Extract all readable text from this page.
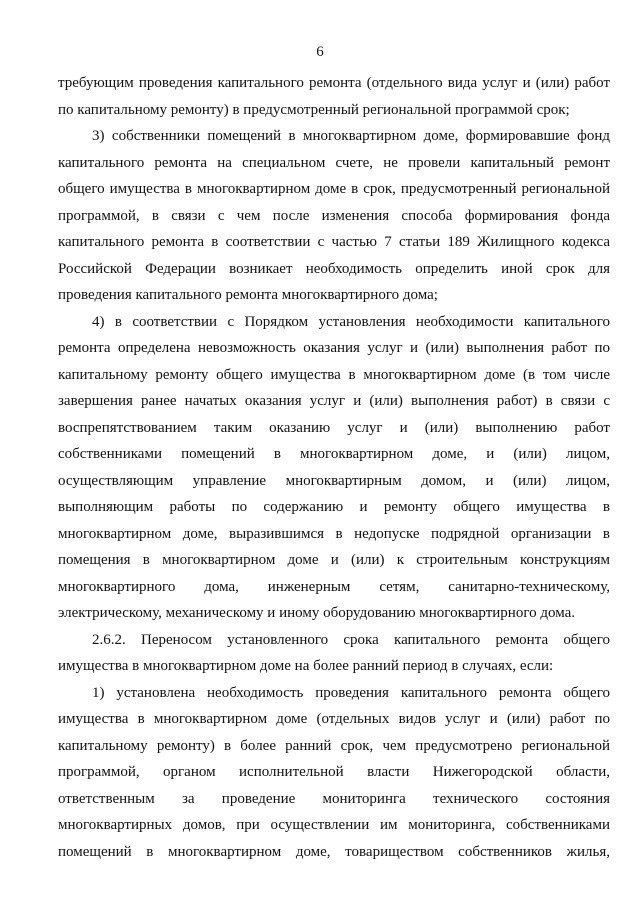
6
требующим проведения капитального ремонта (отдельного вида услуг и (или) работ
по капитальному ремонту) в предусмотренный региональной программой срок;
3) собственники помещений в многоквартирном доме, формировавшие фонд
капитального ремонта на специальном счете, не провели капитальный ремонт
общего имущества в многоквартирном доме в срок, предусмотренный региональной
программой, в связи с чем после изменения способа формирования фонда
капитального ремонта в соответствии с частью 7 статьи 189 Жилищного кодекса
Российской Федерации возникает необходимость определить иной срок для
проведения капитального ремонта многоквартирного дома;
4) в соответствии с Порядком установления необходимости капитального
ремонта определена невозможность оказания услуг и (или) выполнения работ по
капитальному ремонту общего имущества в многоквартирном доме (в том числе
завершения ранее начатых оказания услуг и (или) выполнения работ) в связи с
воспрепятствованием таким оказанию услуг и (или) выполнению работ
собственниками помещений в многоквартирном доме, и (или) лицом,
осуществляющим управление многоквартирным домом, и (или) лицом,
выполняющим работы по содержанию и ремонту общего имущества в
многоквартирном доме, выразившимся в недопуске подрядной организации в
помещения в многоквартирном доме и (или) к строительным конструкциям
многоквартирного дома, инженерным сетям, санитарно-техническому,
электрическому, механическому и иному оборудованию многоквартирного дома.
2.6.2. Переносом установленного срока капитального ремонта общего
имущества в многоквартирном доме на более ранний период в случаях, если:
1) установлена необходимость проведения капитального ремонта общего
имущества в многоквартирном доме (отдельных видов услуг и (или) работ по
капитальному ремонту) в более ранний срок, чем предусмотрено региональной
программой, органом исполнительной власти Нижегородской области,
ответственным за проведение мониторинга технического состояния
многоквартирных домов, при осуществлении им мониторинга, собственниками
помещений в многоквартирном доме, товариществом собственников жилья,
